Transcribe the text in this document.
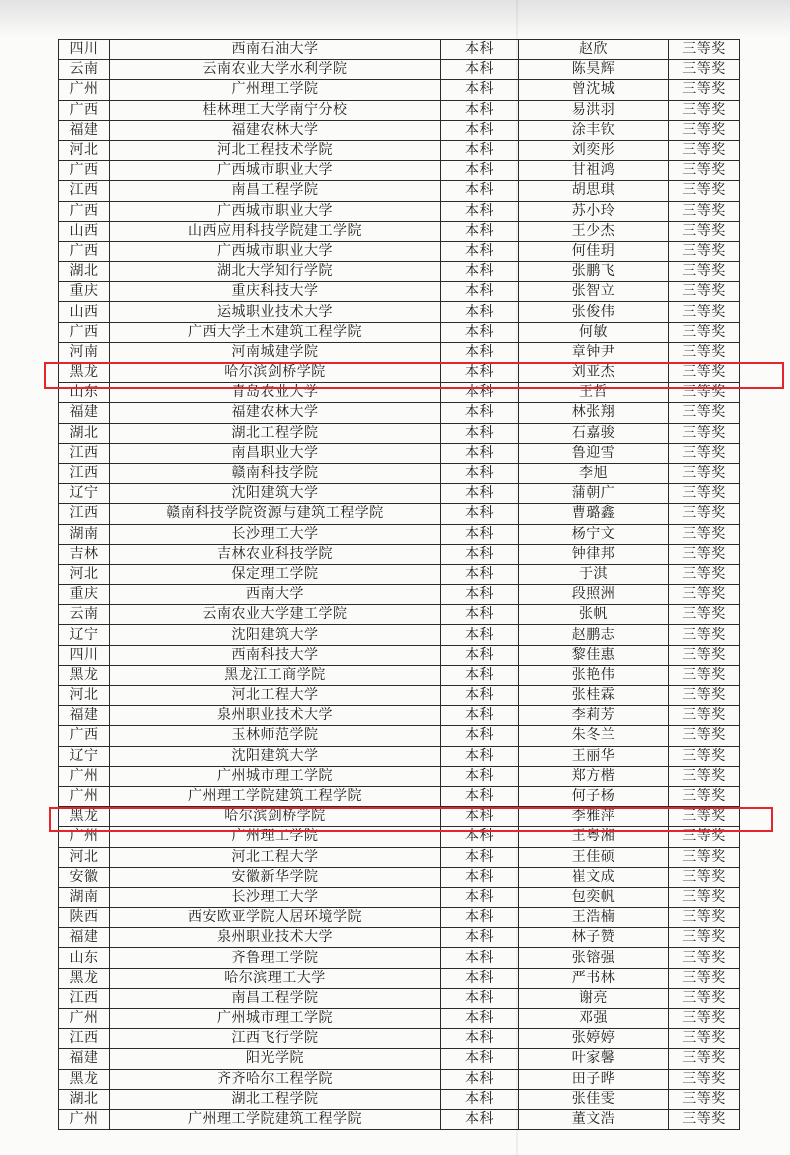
四川	西南石油大学	本科	赵欣	三等奖
云南	云南农业大学水利学院	本科	陈昊辉	三等奖
广州	广州理工学院	本科	曾沈城	三等奖
广西	桂林理工大学南宁分校	本科	易洪羽	三等奖
福建	福建农林大学	本科	涂丰钦	三等奖
河北	河北工程技术学院	本科	刘奕彤	三等奖
广西	广西城市职业大学	本科	甘祖鸿	三等奖
江西	南昌工程学院	本科	胡思琪	三等奖
广西	广西城市职业大学	本科	苏小玲	三等奖
山西	山西应用科技学院建工学院	本科	王少杰	三等奖
广西	广西城市职业大学	本科	何佳玥	三等奖
湖北	湖北大学知行学院	本科	张鹏飞	三等奖
重庆	重庆科技大学	本科	张智立	三等奖
山西	运城职业技术大学	本科	张俊伟	三等奖
广西	广西大学土木建筑工程学院	本科	何敏	三等奖
河南	河南城建学院	本科	章钟尹	三等奖
黑龙	哈尔滨剑桥学院	本科	刘亚杰	三等奖
山东	青岛农业大学	本科	王哲	三等奖
福建	福建农林大学	本科	林张翔	三等奖
湖北	湖北工程学院	本科	石嘉骏	三等奖
江西	南昌职业大学	本科	鲁迎雪	三等奖
江西	赣南科技学院	本科	李旭	三等奖
辽宁	沈阳建筑大学	本科	蒲朝广	三等奖
江西	赣南科技学院资源与建筑工程学院	本科	曹璐鑫	三等奖
湖南	长沙理工大学	本科	杨宁文	三等奖
吉林	吉林农业科技学院	本科	钟律邦	三等奖
河北	保定理工学院	本科	于淇	三等奖
重庆	西南大学	本科	段照洲	三等奖
云南	云南农业大学建工学院	本科	张帆	三等奖
辽宁	沈阳建筑大学	本科	赵鹏志	三等奖
四川	西南科技大学	本科	黎佳惠	三等奖
黑龙	黑龙江工商学院	本科	张艳伟	三等奖
河北	河北工程大学	本科	张桂霖	三等奖
福建	泉州职业技术大学	本科	李莉芳	三等奖
广西	玉林师范学院	本科	朱冬兰	三等奖
辽宁	沈阳建筑大学	本科	王丽华	三等奖
广州	广州城市理工学院	本科	郑方楷	三等奖
广州	广州理工学院建筑工程学院	本科	何子杨	三等奖
黑龙	哈尔滨剑桥学院	本科	李雅萍	三等奖
广州	广州理工学院	本科	王粤湘	三等奖
河北	河北工程大学	本科	王佳硕	三等奖
安徽	安徽新华学院	本科	崔文成	三等奖
湖南	长沙理工大学	本科	包奕帆	三等奖
陕西	西安欧亚学院人居环境学院	本科	王浩楠	三等奖
福建	泉州职业技术大学	本科	林子赞	三等奖
山东	齐鲁理工学院	本科	张镕强	三等奖
黑龙	哈尔滨理工大学	本科	严书林	三等奖
江西	南昌工程学院	本科	谢亮	三等奖
广州	广州城市理工学院	本科	邓强	三等奖
江西	江西飞行学院	本科	张婷婷	三等奖
福建	阳光学院	本科	叶家馨	三等奖
黑龙	齐齐哈尔工程学院	本科	田子晔	三等奖
湖北	湖北工程学院	本科	张佳雯	三等奖
广州	广州理工学院建筑工程学院	本科	董文浩	三等奖
